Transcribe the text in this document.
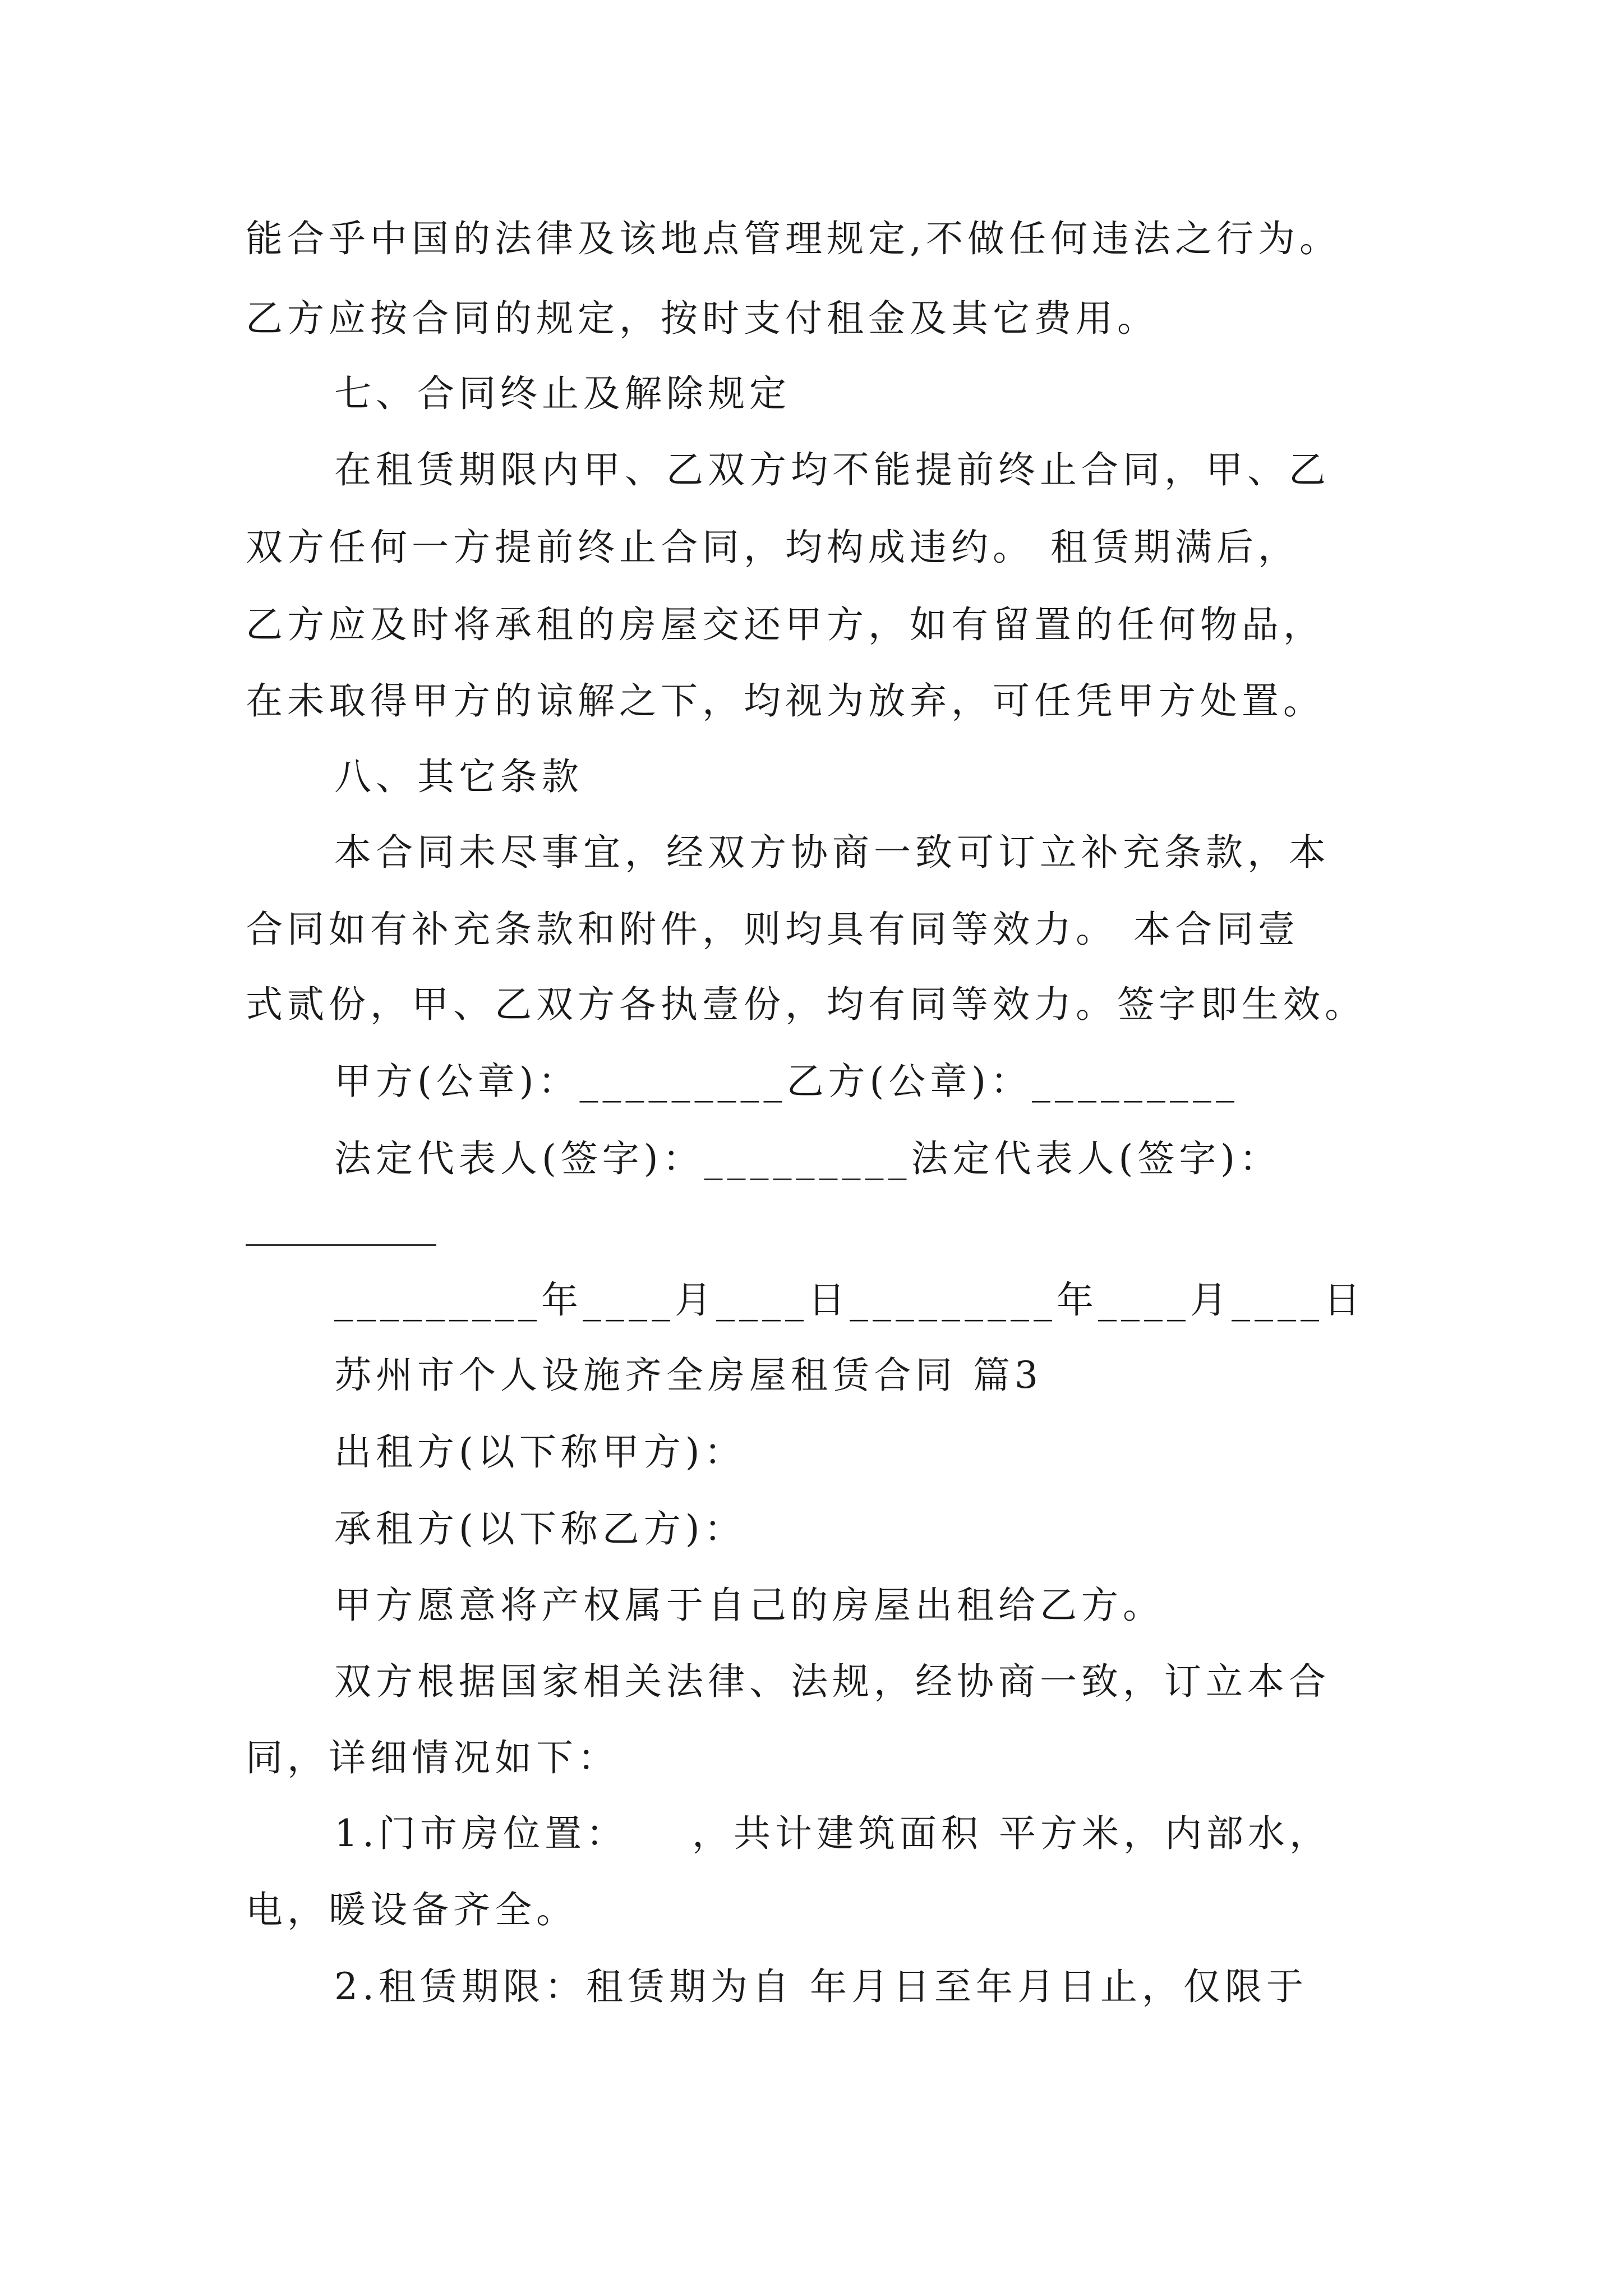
能合乎中国的法律及该地点管理规定,不做任何违法之行为。
乙方应按合同的规定，按时支付租金及其它费用。
七、合同终止及解除规定
在租赁期限内甲、乙双方均不能提前终止合同，甲、乙
双方任何一方提前终止合同，均构成违约。 租赁期满后，
乙方应及时将承租的房屋交还甲方，如有留置的任何物品，
在未取得甲方的谅解之下，均视为放弃，可任凭甲方处置。
八、其它条款
本合同未尽事宜，经双方协商一致可订立补充条款，本
合同如有补充条款和附件，则均具有同等效力。 本合同壹
式贰份，甲、乙双方各执壹份，均有同等效力。签字即生效。
甲方(公章)：_________乙方(公章)：_________
法定代表人(签字)：_________法定代表人(签字)：
_________年____月____日_________年____月____日
苏州市个人设施齐全房屋租赁合同 篇3
出租方(以下称甲方)：
承租方(以下称乙方)：
甲方愿意将产权属于自己的房屋出租给乙方。
双方根据国家相关法律、法规，经协商一致，订立本合
同，详细情况如下：
1.门市房位置：　　，共计建筑面积 平方米，内部水，
电，暖设备齐全。
2.租赁期限：租赁期为自 年月日至年月日止，仅限于
